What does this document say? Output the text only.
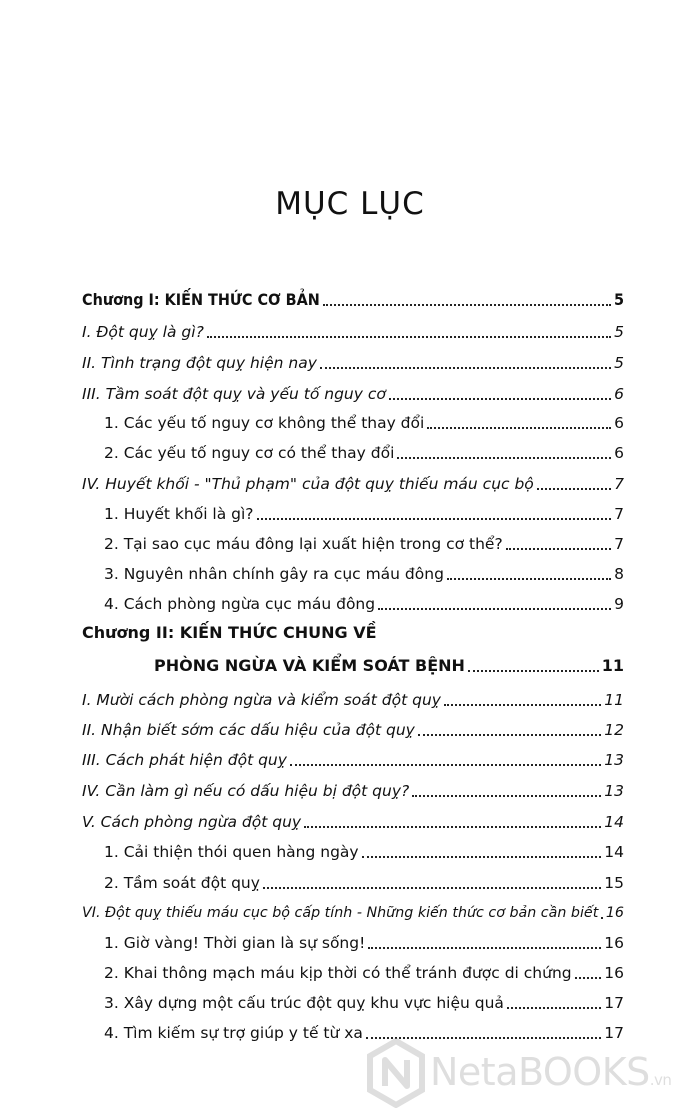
MỤC LỤC
Chương I: KIẾN THỨC CƠ BẢN	5
I. Đột quỵ là gì?	5
II. Tình trạng đột quỵ hiện nay	5
III. Tầm soát đột quỵ và yếu tố nguy cơ	6
1. Các yếu tố nguy cơ không thể thay đổi	6
2. Các yếu tố nguy cơ có thể thay đổi	6
IV. Huyết khối - "Thủ phạm" của đột quỵ thiếu máu cục bộ	7
1. Huyết khối là gì?	7
2. Tại sao cục máu đông lại xuất hiện trong cơ thể?	7
3. Nguyên nhân chính gây ra cục máu đông	8
4. Cách phòng ngừa cục máu đông	9
Chương II: KIẾN THỨC CHUNG VỀ
PHÒNG NGỪA VÀ KIỂM SOÁT BỆNH	11
I. Mười cách phòng ngừa và kiểm soát đột quỵ	11
II. Nhận biết sớm các dấu hiệu của đột quỵ	12
III. Cách phát hiện đột quỵ	13
IV. Cần làm gì nếu có dấu hiệu bị đột quỵ?	13
V. Cách phòng ngừa đột quỵ	14
1. Cải thiện thói quen hàng ngày	14
2. Tầm soát đột quỵ	15
VI. Đột quỵ thiếu máu cục bộ cấp tính - Những kiến thức cơ bản cần biết 16
1. Giờ vàng! Thời gian là sự sống!	16
2. Khai thông mạch máu kịp thời có thể tránh được di chứng 16
3. Xây dựng một cấu trúc đột quỵ khu vực hiệu quả	17
4. Tìm kiếm sự trợ giúp y tế từ xa	17
NetaBOOKS.vn
